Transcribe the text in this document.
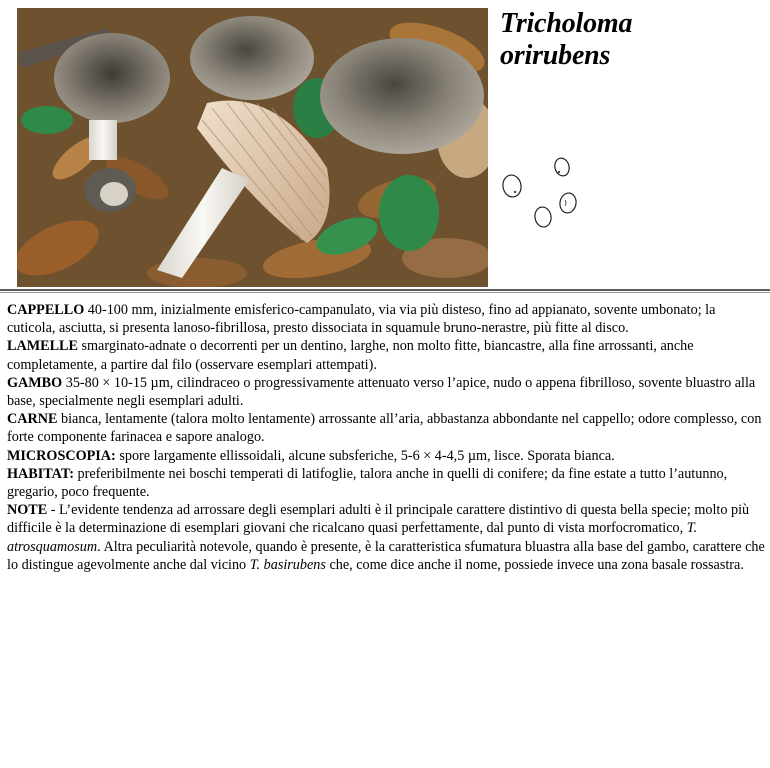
Tricholoma
orirubens

CAPPELLO 40-100 mm, inizialmente emisferico-campanulato, via via più disteso, fino ad appianato, sovente umbonato; la cuticola, asciutta, si presenta lanoso-fibrillosa, presto dissociata in squamule bruno-nerastre, più fitte al disco.

LAMELLE smarginato-adnate o decorrenti per un dentino, larghe, non molto fitte, biancastre, alla fine arrossanti, anche completamente, a partire dal filo (osservare esemplari attempati).

GAMBO 35-80 × 10-15 µm, cilindraceo o progressivamente attenuato verso l’apice, nudo o appena fibrilloso, sovente bluastro alla base, specialmente negli esemplari adulti.

CARNE bianca, lentamente (talora molto lentamente) arrossante all’aria, abbastanza abbondante nel cappello; odore complesso, con forte componente farinacea e sapore analogo.

MICROSCOPIA: spore largamente ellissoidali, alcune subsferiche, 5-6 × 4-4,5 µm, lisce. Sporata bianca.

HABITAT: preferibilmente nei boschi temperati di latifoglie, talora anche in quelli di conifere; da fine estate a tutto l’autunno, gregario, poco frequente.

NOTE - L’evidente tendenza ad arrossare degli esemplari adulti è il principale carattere distintivo di questa bella specie; molto più difficile è la determinazione di esemplari giovani che ricalcano quasi perfettamente, dal punto di vista morfocromatico, T. atrosquamosum. Altra peculiarità notevole, quando è presente, è la caratteristica sfumatura bluastra alla base del gambo, carattere che lo distingue agevolmente anche dal vicino T. basirubens che, come dice anche il nome, possiede invece una zona basale rossastra.
